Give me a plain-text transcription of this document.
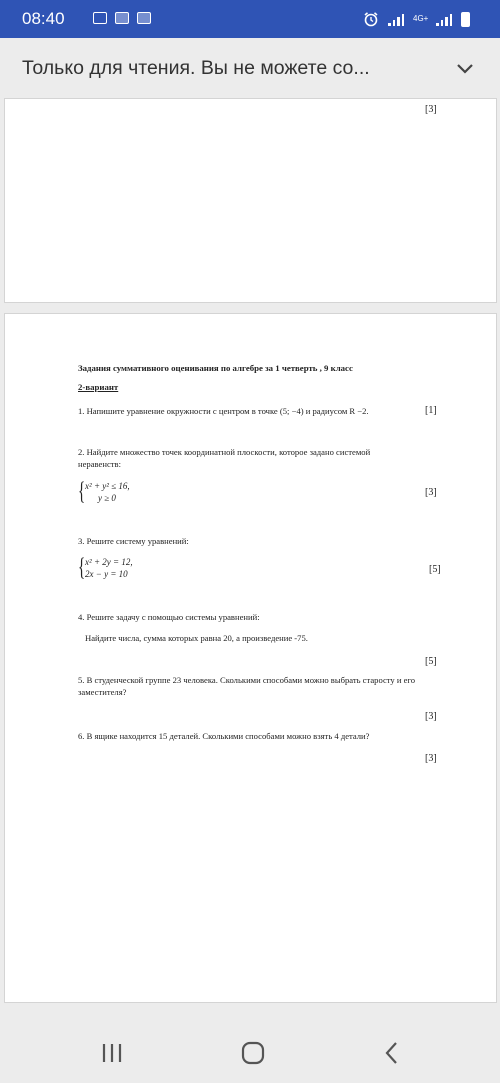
08:40	4G+
Только для чтения. Вы не можете со...
[3]
Задания суммативного оценивания по алгебре за 1 четверть , 9 класс
2-вариант
1. Напишите уравнение окружности с центром в точке (5; −4) и радиусом R −2.	[1]
2. Найдите множество точек координатной плоскости, которое задано системой неравенств:
{ x² + y² ≤ 16,
y ≥ 0	[3]
3. Решите систему уравнений:
{ x² + 2y = 12,
2x − y = 10	[5]
4. Решите задачу с помощью системы уравнений:
Найдите числа, сумма которых равна 20, а произведение -75.
[5]
5. В студенческой группе 23 человека. Сколькими способами можно выбрать старосту и его заместителя?
[3]
6. В ящике находится 15 деталей. Сколькими способами можно взять 4 детали?
[3]
